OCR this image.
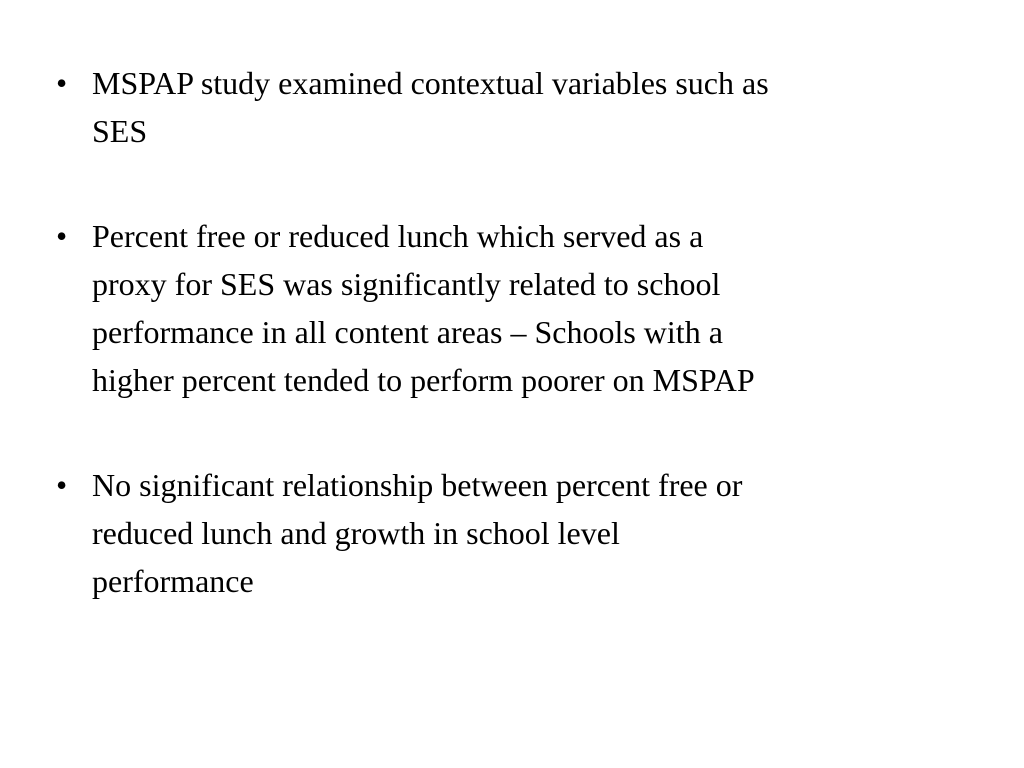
• MSPAP study examined contextual variables such as
SES
• Percent free or reduced lunch which served as a
proxy for SES was significantly related to school
performance in all content areas – Schools with a
higher percent tended to perform poorer on MSPAP
• No significant relationship between percent free or
reduced lunch and growth in school level
performance
